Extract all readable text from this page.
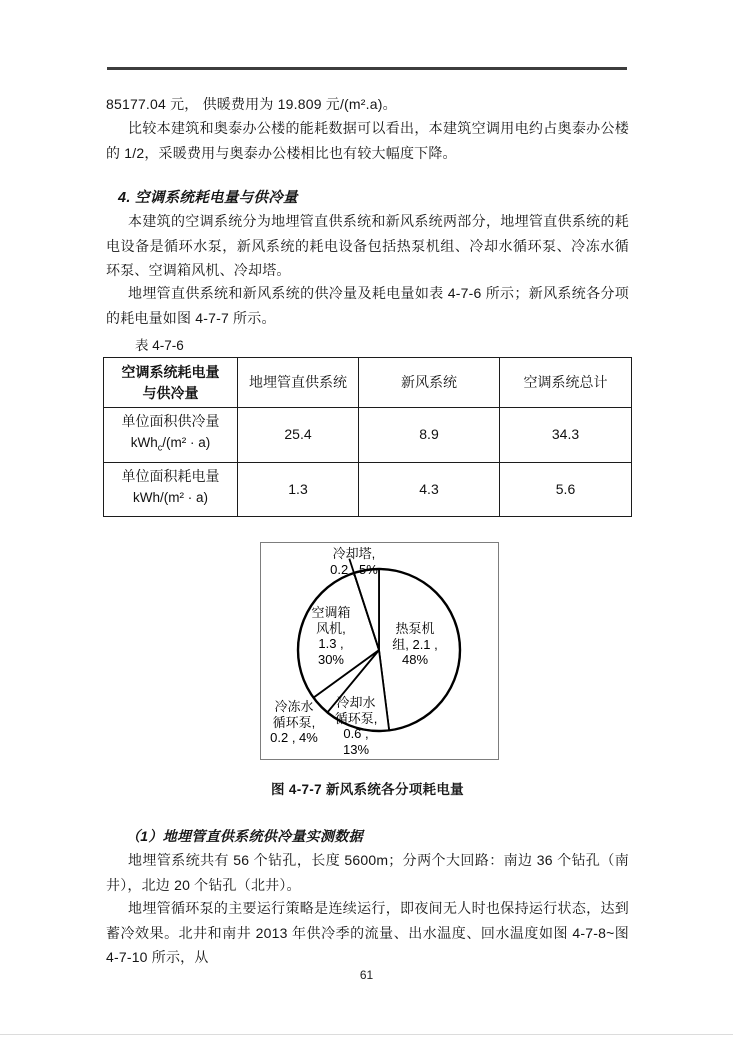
85177.04 元， 供暖费用为 19.809 元/(m².a)。
比较本建筑和奥泰办公楼的能耗数据可以看出，本建筑空调用电约占奥泰办公楼的 1/2，采暖费用与奥泰办公楼相比也有较大幅度下降。
4. 空调系统耗电量与供冷量
本建筑的空调系统分为地埋管直供系统和新风系统两部分，地埋管直供系统的耗电设备是循环水泵，新风系统的耗电设备包括热泵机组、冷却水循环泵、冷冻水循环泵、空调箱风机、冷却塔。
地埋管直供系统和新风系统的供冷量及耗电量如表 4-7-6 所示；新风系统各分项的耗电量如图 4-7-7 所示。
表 4-7-6
空调系统耗电量
与供冷量	地埋管直供系统	新风系统	空调系统总计

单位面积供冷量
kWh$_c$/(m² · a)	25.4	8.9	34.3

单位面积耗电量
kWh/(m² · a)	1.3	4.3	5.6
热泵机
组, 2.1 ,
48%
冷却水
循环泵,
0.6 ,
13%
冷冻水
循环泵,
0.2 , 4%
空调箱
风机,
1.3 ,
30%
冷却塔,
0.2 , 5%
图 4-7-7 新风系统各分项耗电量
（1）地埋管直供系统供冷量实测数据
地埋管系统共有 56 个钻孔，长度 5600m；分两个大回路：南边 36 个钻孔（南井），北边 20 个钻孔（北井）。
地埋管循环泵的主要运行策略是连续运行，即夜间无人时也保持运行状态，达到蓄冷效果。北井和南井 2013 年供冷季的流量、出水温度、回水温度如图 4-7-8~图 4-7-10 所示，从
61
